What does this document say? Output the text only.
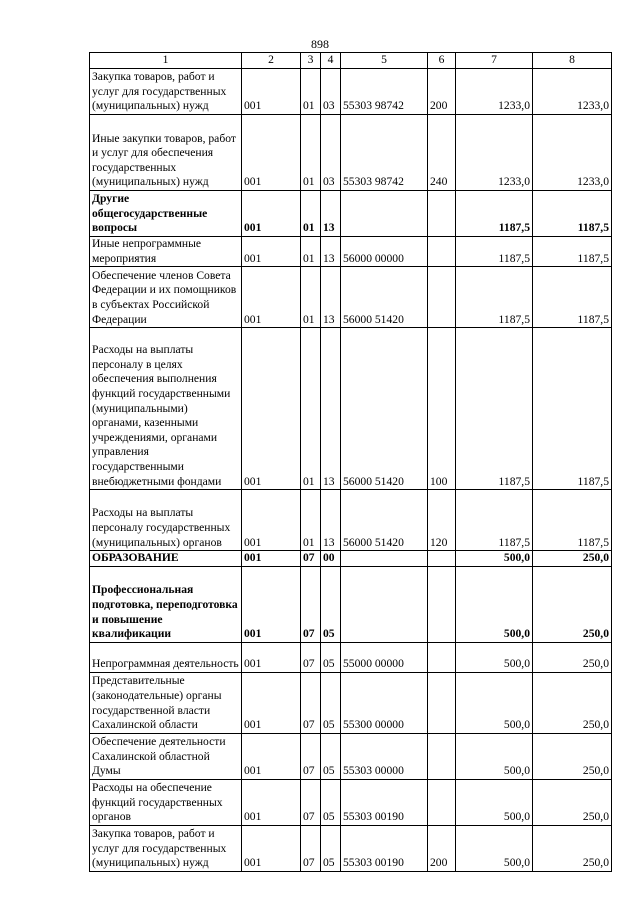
898
1	2	3	4	5	6	7	8
Закупка товаров, работ и услуг для государственных (муниципальных) нужд	001	01	03	55303 98742	200	1233,0	1233,0
Иные закупки товаров, работ и услуг для обеспечения государственных (муниципальных) нужд	001	01	03	55303 98742	240	1233,0	1233,0
Другие общегосударственные вопросы	001	01	13			1187,5	1187,5
Иные непрограммные мероприятия	001	01	13	56000 00000		1187,5	1187,5
Обеспечение членов Совета Федерации и их помощников в субъектах Российской Федерации	001	01	13	56000 51420		1187,5	1187,5
Расходы на выплаты персоналу в целях обеспечения выполнения функций государственными (муниципальными) органами, казенными учреждениями, органами управления государственными внебюджетными фондами	001	01	13	56000 51420	100	1187,5	1187,5
Расходы на выплаты персоналу государственных (муниципальных) органов	001	01	13	56000 51420	120	1187,5	1187,5
ОБРАЗОВАНИЕ	001	07	00			500,0	250,0
Профессиональная подготовка, переподготовка и повышение квалификации	001	07	05			500,0	250,0
Непрограммная деятельность	001	07	05	55000 00000		500,0	250,0
Представительные (законодательные) органы государственной власти Сахалинской области	001	07	05	55300 00000		500,0	250,0
Обеспечение деятельности Сахалинской областной Думы	001	07	05	55303 00000		500,0	250,0
Расходы на обеспечение функций государственных органов	001	07	05	55303 00190		500,0	250,0
Закупка товаров, работ и услуг для государственных (муниципальных) нужд	001	07	05	55303 00190	200	500,0	250,0
